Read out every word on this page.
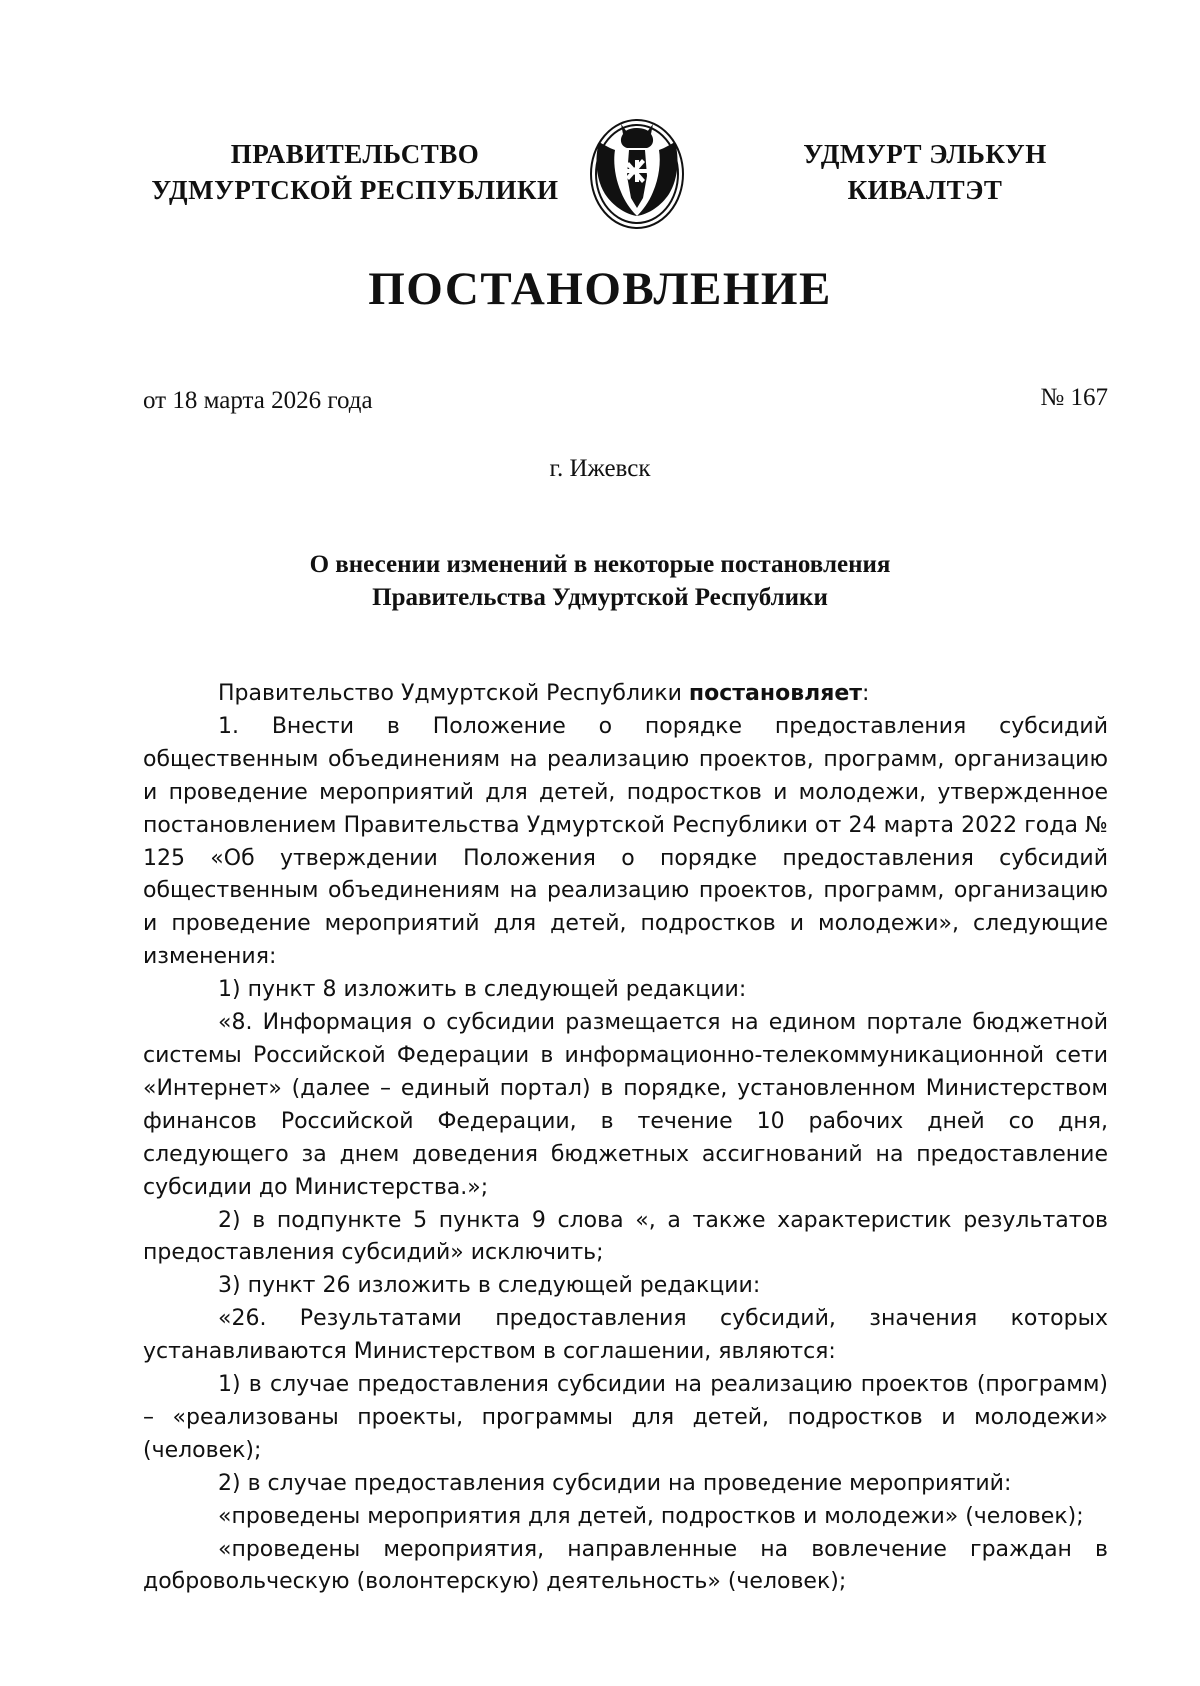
ПРАВИТЕЛЬСТВО
УДМУРТСКОЙ РЕСПУБЛИКИ
УДМУРТ ЭЛЬКУН
КИВАЛТЭТ
ПОСТАНОВЛЕНИЕ
от 18 марта 2026 года	№ 167
г. Ижевск
О внесении изменений в некоторые постановления
Правительства Удмуртской Республики

Правительство Удмуртской Республики постановляет:

1. Внести в Положение о порядке предоставления субсидий общественным объединениям на реализацию проектов, программ, организацию и проведение мероприятий для детей, подростков и молодежи, утвержденное постановлением Правительства Удмуртской Республики от 24 марта 2022 года № 125 «Об утверждении Положения о порядке предоставления субсидий общественным объединениям на реализацию проектов, программ, организацию и проведение мероприятий для детей, подростков и молодежи», следующие изменения:

1) пункт 8 изложить в следующей редакции:

«8. Информация о субсидии размещается на едином портале бюджетной системы Российской Федерации в информационно-телекоммуникационной сети «Интернет» (далее – единый портал) в порядке, установленном Министерством финансов Российской Федерации, в течение 10 рабочих дней со дня, следующего за днем доведения бюджетных ассигнований на предоставление субсидии до Министерства.»;

2) в подпункте 5 пункта 9 слова «, а также характеристик результатов предоставления субсидий» исключить;

3) пункт 26 изложить в следующей редакции:

«26. Результатами предоставления субсидий, значения которых устанавливаются Министерством в соглашении, являются:

1) в случае предоставления субсидии на реализацию проектов (программ) – «реализованы проекты, программы для детей, подростков и молодежи» (человек);

2) в случае предоставления субсидии на проведение мероприятий:

«проведены мероприятия для детей, подростков и молодежи» (человек);

«проведены мероприятия, направленные на вовлечение граждан в добровольческую (волонтерскую) деятельность» (человек);
